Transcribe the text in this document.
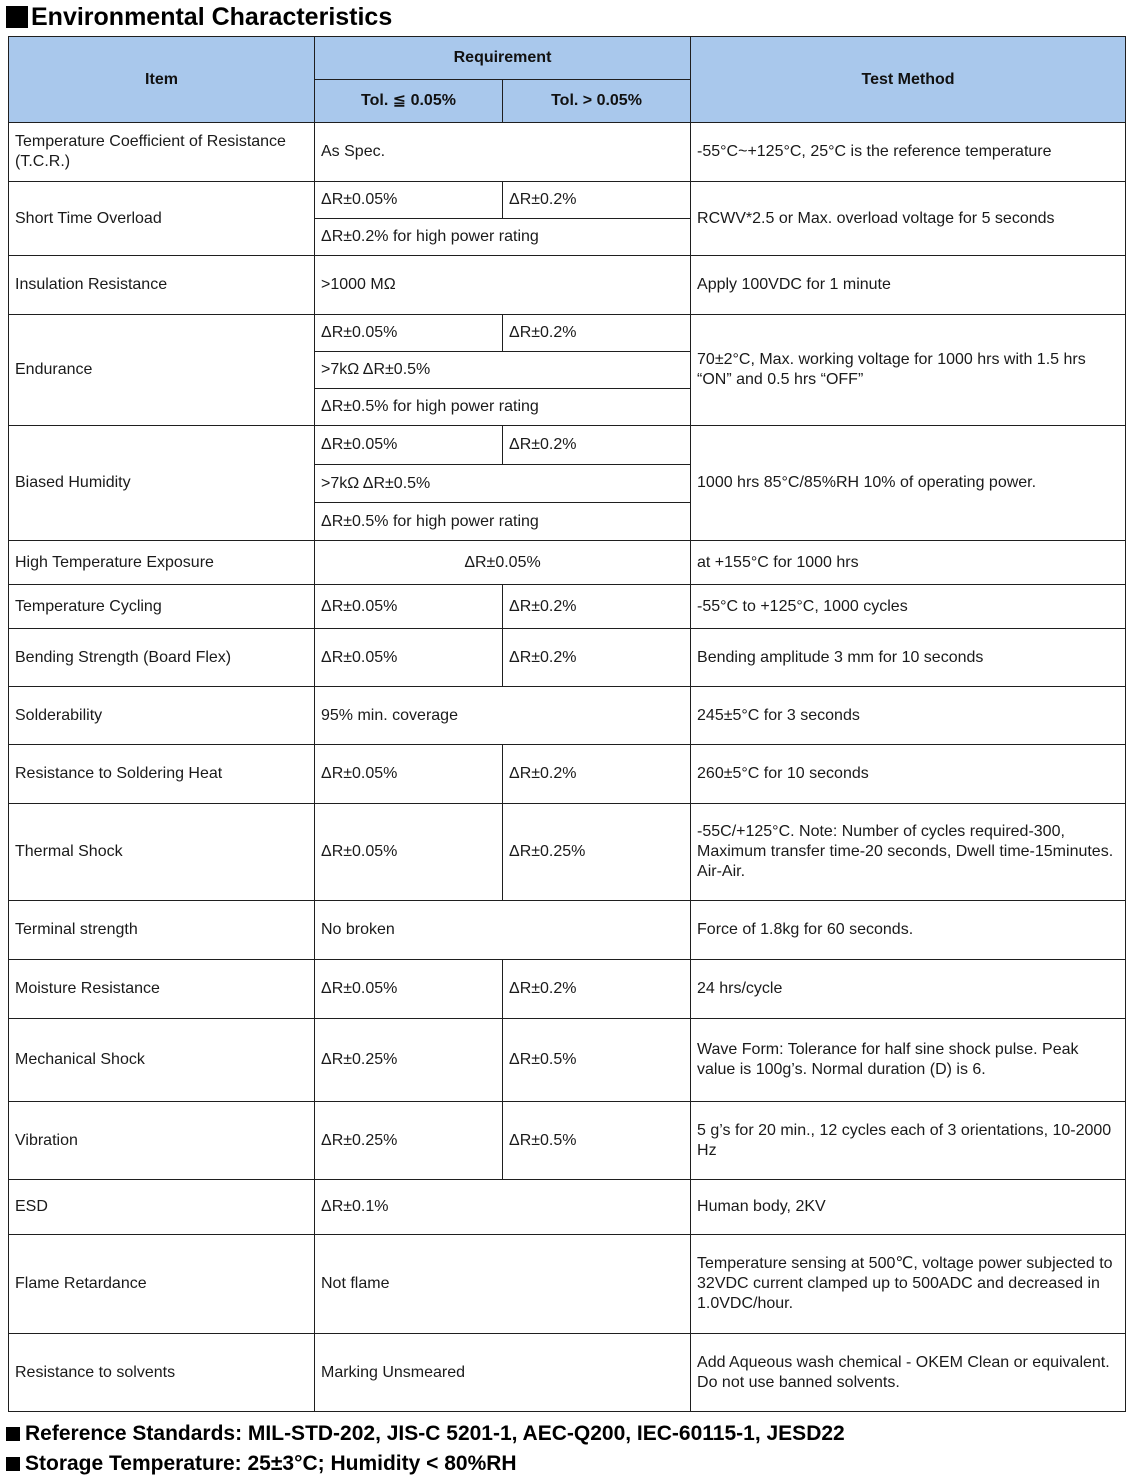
Environmental Characteristics
Item	Requirement		Test Method
	Tol. ≦ 0.05%	Tol. > 0.05%	
Temperature Coefficient of Resistance (T.C.R.)	As Spec.		-55°C~+125°C, 25°C is the reference temperature
Short Time Overload	ΔR±0.05%	ΔR±0.2%	RCWV*2.5 or Max. overload voltage for 5 seconds
	ΔR±0.2% for high power rating		
Insulation Resistance	>1000 MΩ		Apply 100VDC for 1 minute
Endurance	ΔR±0.05%	ΔR±0.2%	70±2°C, Max. working voltage for 1000 hrs with 1.5 hrs “ON” and 0.5 hrs “OFF”
	>7kΩ ΔR±0.5%		
	ΔR±0.5% for high power rating		
Biased Humidity	ΔR±0.05%	ΔR±0.2%	1000 hrs 85°C/85%RH 10% of operating power.
	>7kΩ ΔR±0.5%		
	ΔR±0.5% for high power rating		
High Temperature Exposure	ΔR±0.05%		at +155°C for 1000 hrs
Temperature Cycling	ΔR±0.05%	ΔR±0.2%	-55°C to +125°C, 1000 cycles
Bending Strength (Board Flex)	ΔR±0.05%	ΔR±0.2%	Bending amplitude 3 mm for 10 seconds
Solderability	95% min. coverage		245±5°C for 3 seconds
Resistance to Soldering Heat	ΔR±0.05%	ΔR±0.2%	260±5°C for 10 seconds
Thermal Shock	ΔR±0.05%	ΔR±0.25%	-55C/+125°C. Note: Number of cycles required-300, Maximum transfer time-20 seconds, Dwell time-15minutes. Air-Air.
Terminal strength	No broken		Force of 1.8kg for 60 seconds.
Moisture Resistance	ΔR±0.05%	ΔR±0.2%	24 hrs/cycle
Mechanical Shock	ΔR±0.25%	ΔR±0.5%	Wave Form: Tolerance for half sine shock pulse. Peak value is 100g’s. Normal duration (D) is 6.
Vibration	ΔR±0.25%	ΔR±0.5%	5 g’s for 20 min., 12 cycles each of 3 orientations, 10-2000 Hz
ESD	ΔR±0.1%		Human body, 2KV
Flame Retardance	Not flame		Temperature sensing at 500℃, voltage power subjected to 32VDC current clamped up to 500ADC and decreased in 1.0VDC/hour.
Resistance to solvents	Marking Unsmeared		Add Aqueous wash chemical - OKEM Clean or equivalent. Do not use banned solvents.
Reference Standards: MIL-STD-202, JIS-C 5201-1, AEC-Q200, IEC-60115-1, JESD22
Storage Temperature: 25±3°C; Humidity < 80%RH
